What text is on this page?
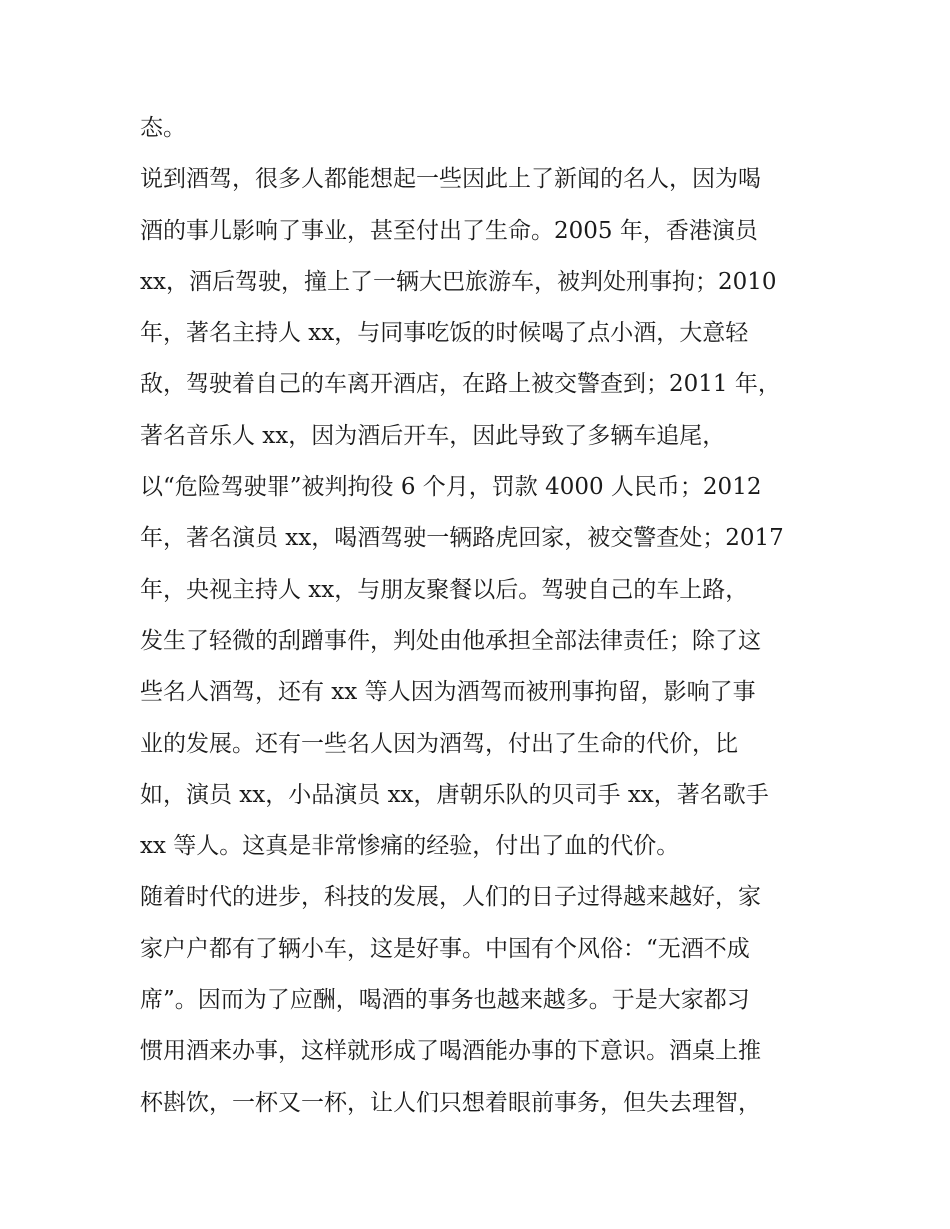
态。
说到酒驾，很多人都能想起一些因此上了新闻的名人，因为喝
酒的事儿影响了事业，甚至付出了生命。2005 年，香港演员
xx，酒后驾驶，撞上了一辆大巴旅游车，被判处刑事拘；2010
年，著名主持人 xx，与同事吃饭的时候喝了点小酒，大意轻
敌，驾驶着自己的车离开酒店，在路上被交警查到；2011 年，
著名音乐人 xx，因为酒后开车，因此导致了多辆车追尾，
以“危险驾驶罪”被判拘役 6 个月，罚款 4000 人民币；2012
年，著名演员 xx，喝酒驾驶一辆路虎回家，被交警查处；2017
年，央视主持人 xx，与朋友聚餐以后。驾驶自己的车上路，
发生了轻微的刮蹭事件，判处由他承担全部法律责任；除了这
些名人酒驾，还有 xx 等人因为酒驾而被刑事拘留，影响了事
业的发展。还有一些名人因为酒驾，付出了生命的代价，比
如，演员 xx，小品演员 xx，唐朝乐队的贝司手 xx，著名歌手
xx 等人。这真是非常惨痛的经验，付出了血的代价。
随着时代的进步，科技的发展，人们的日子过得越来越好，家
家户户都有了辆小车，这是好事。中国有个风俗：“无酒不成
席”。因而为了应酬，喝酒的事务也越来越多。于是大家都习
惯用酒来办事，这样就形成了喝酒能办事的下意识。酒桌上推
杯斟饮，一杯又一杯，让人们只想着眼前事务，但失去理智，
